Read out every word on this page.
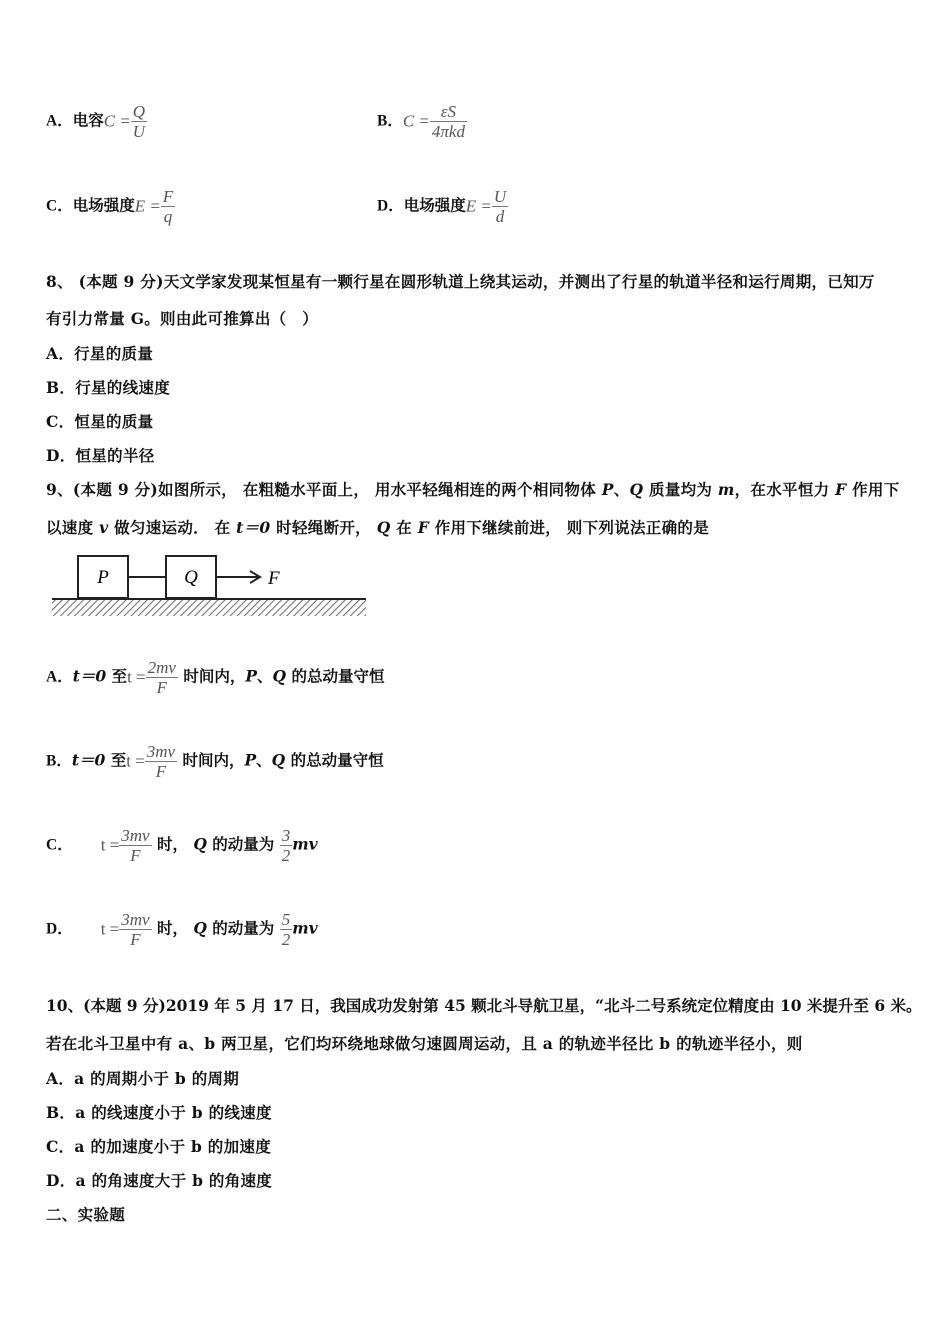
A．电容$C = \frac{Q}{U}$	B．$C = \frac{\varepsilon S}{\text{4πkd}}$
C．电场强度$E = \frac{F}{q}$	D．电场强度$E = \frac{U}{d}$
8、 (本题 9 分)天文学家发现某恒星有一颗行星在圆形轨道上绕其运动，并测出了行星的轨道半径和运行周期，已知万
有引力常量 G。则由此可推算出（　）
A．行星的质量
B．行星的线速度
C．恒星的质量
D．恒星的半径
9、(本题 9 分)如图所示， 在粗糙水平面上， 用水平轻绳相连的两个相同物体 P、Q 质量均为 m，在水平恒力 F 作用下
以速度 v 做匀速运动． 在 t＝0 时轻绳断开， Q 在 F 作用下继续前进， 则下列说法正确的是
P	Q	F
A．t＝0 至$t = \frac{2mv}{F}$ 时间内，P、Q 的总动量守恒
B．t＝0 至$t = \frac{3mv}{F}$ 时间内，P、Q 的总动量守恒
C． $t = \frac{3mv}{F}$ 时， Q 的动量为 $\frac{3}{2}$ mv
D． $t = \frac{3mv}{F}$ 时， Q 的动量为 $\frac{5}{2}$ mv
10、(本题 9 分)2019 年 5 月 17 日，我国成功发射第 45 颗北斗导航卫星，“北斗二号系统定位精度由 10 米提升至 6 米。
若在北斗卫星中有 a、b 两卫星，它们均环绕地球做匀速圆周运动，且 a 的轨迹半径比 b 的轨迹半径小，则
A．a 的周期小于 b 的周期
B．a 的线速度小于 b 的线速度
C．a 的加速度小于 b 的加速度
D．a 的角速度大于 b 的角速度
二、实验题
